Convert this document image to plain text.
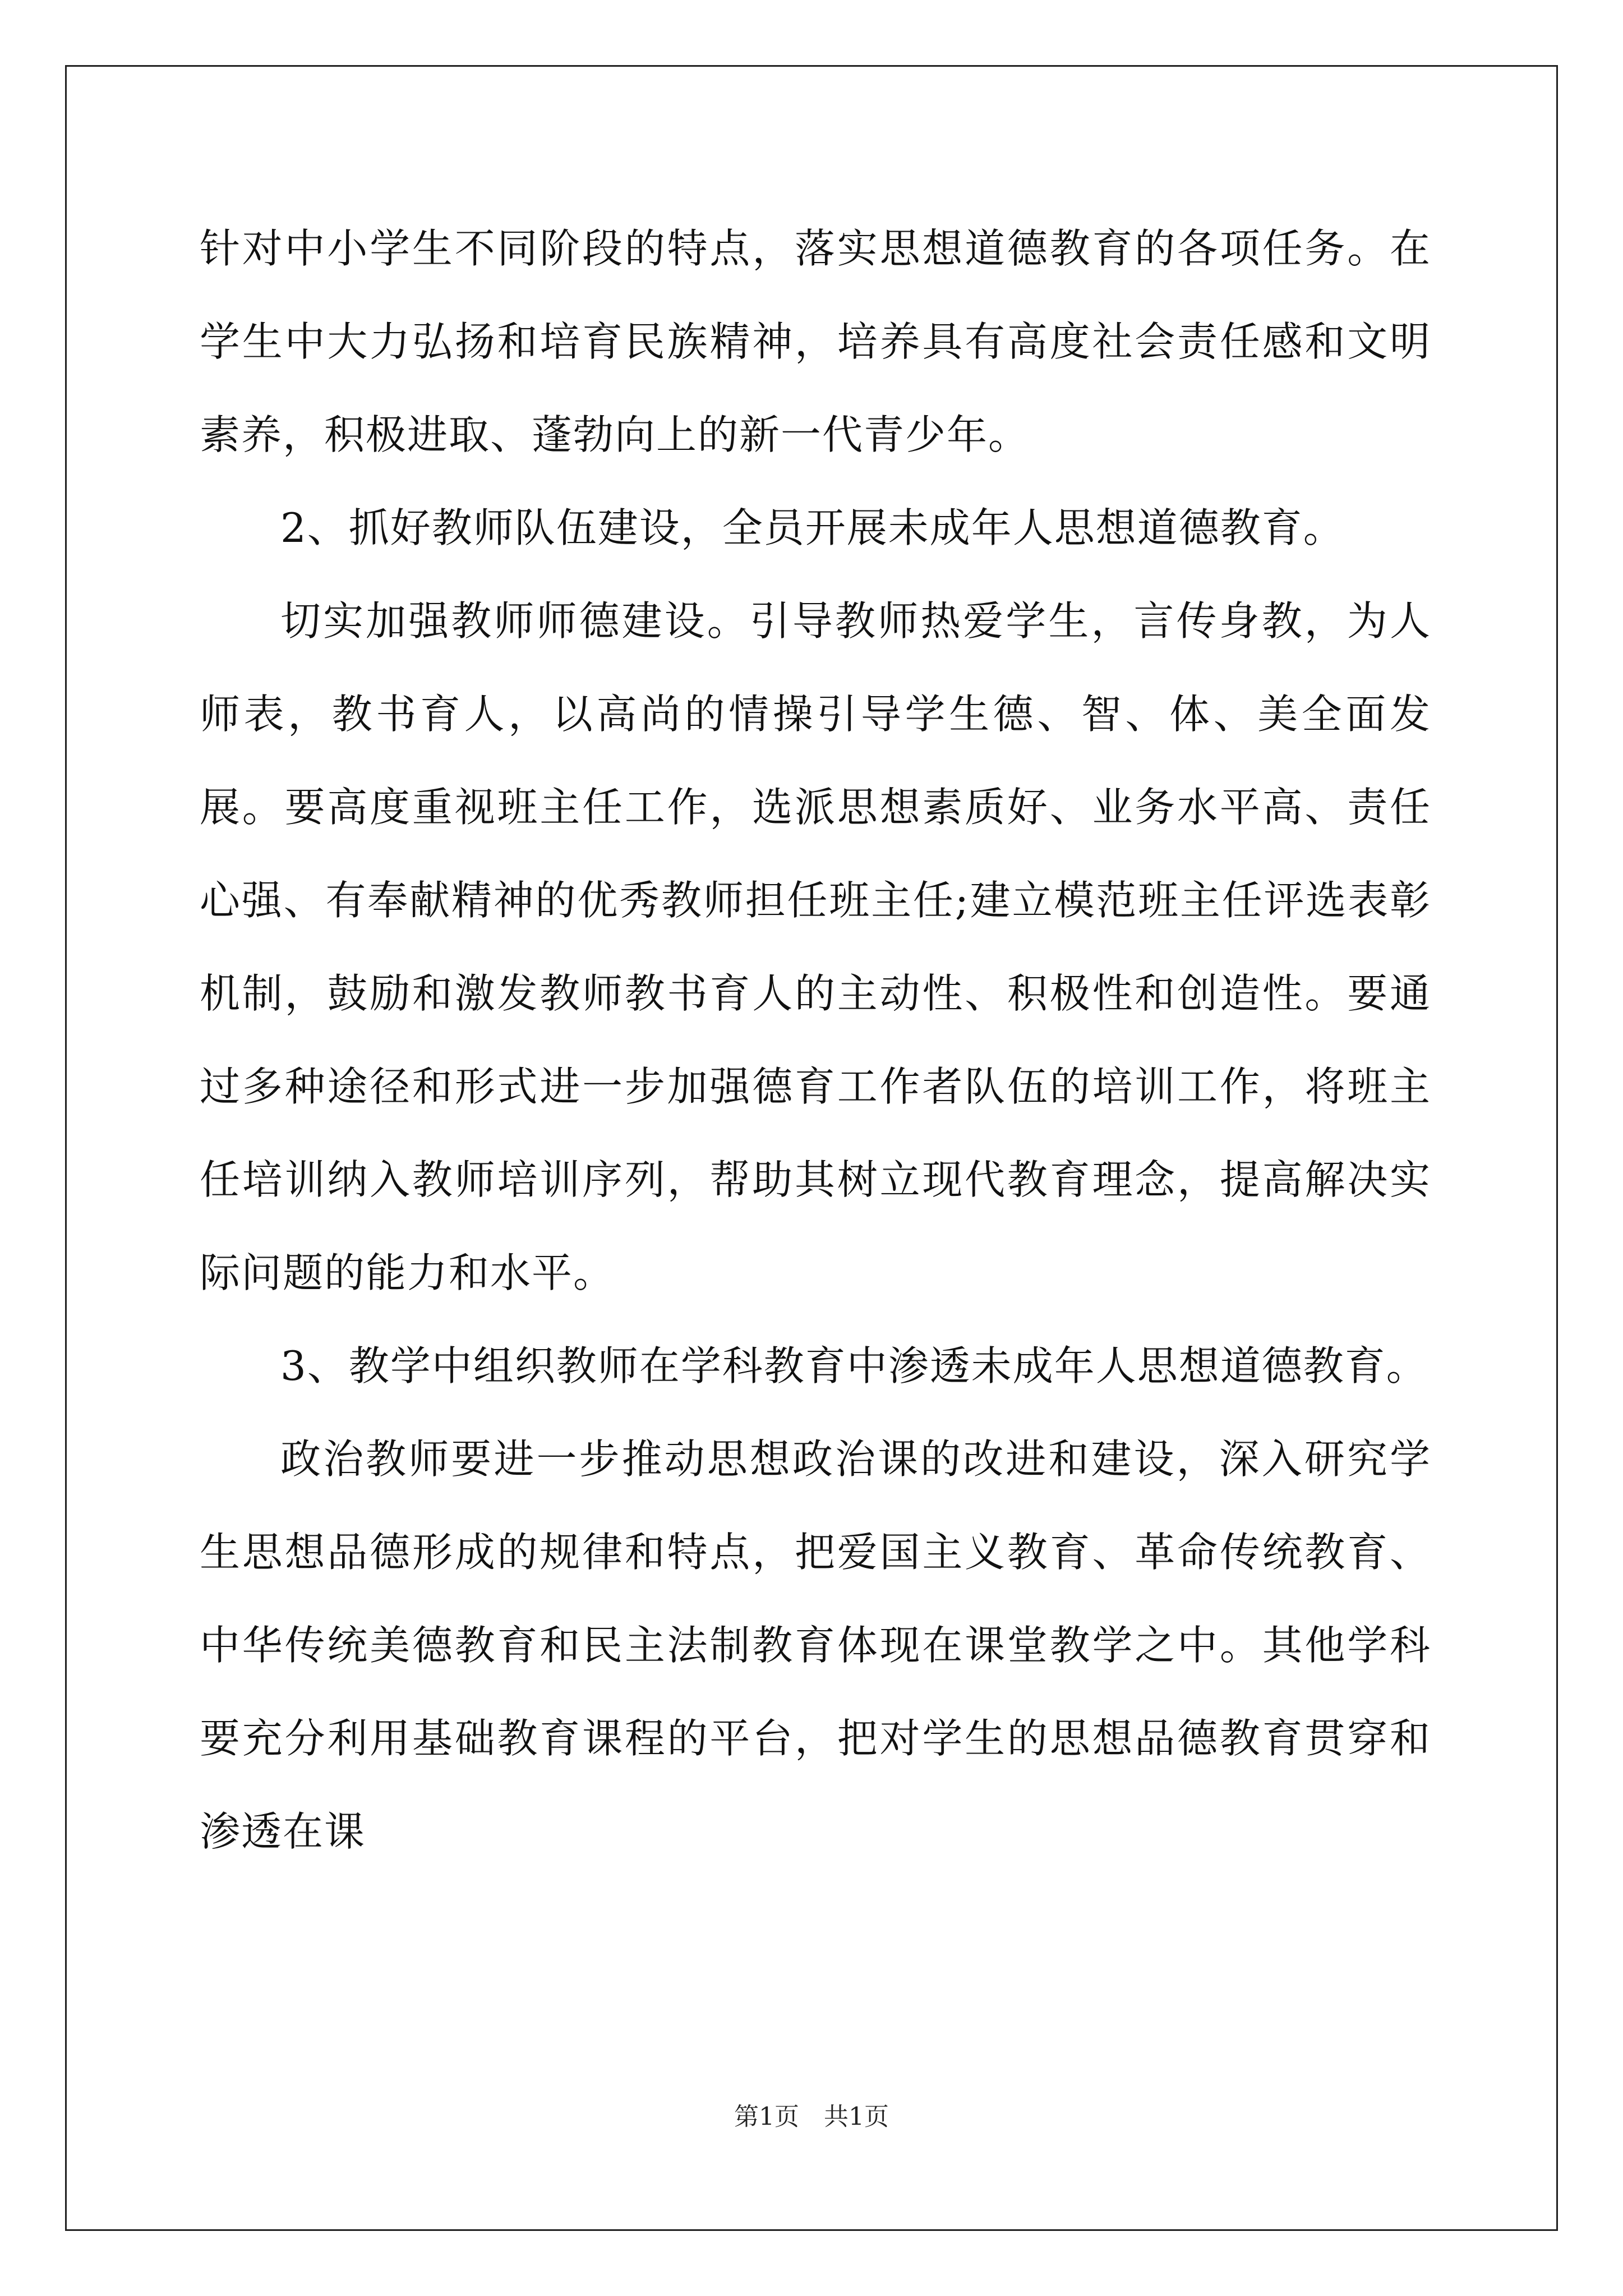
针对中小学生不同阶段的特点，落实思想道德教育的各项任务。在学生中大力弘扬和培育民族精神，培养具有高度社会责任感和文明素养，积极进取、蓬勃向上的新一代青少年。

2、抓好教师队伍建设，全员开展未成年人思想道德教育。

切实加强教师师德建设。引导教师热爱学生，言传身教，为人师表，教书育人，以高尚的情操引导学生德、智、体、美全面发展。要高度重视班主任工作，选派思想素质好、业务水平高、责任心强、有奉献精神的优秀教师担任班主任;建立模范班主任评选表彰机制，鼓励和激发教师教书育人的主动性、积极性和创造性。要通过多种途径和形式进一步加强德育工作者队伍的培训工作，将班主任培训纳入教师培训序列，帮助其树立现代教育理念，提高解决实际问题的能力和水平。

3、教学中组织教师在学科教育中渗透未成年人思想道德教育。

政治教师要进一步推动思想政治课的改进和建设，深入研究学生思想品德形成的规律和特点，把爱国主义教育、革命传统教育、中华传统美德教育和民主法制教育体现在课堂教学之中。其他学科要充分利用基础教育课程的平台，把对学生的思想品德教育贯穿和渗透在课

第1页　共1页
